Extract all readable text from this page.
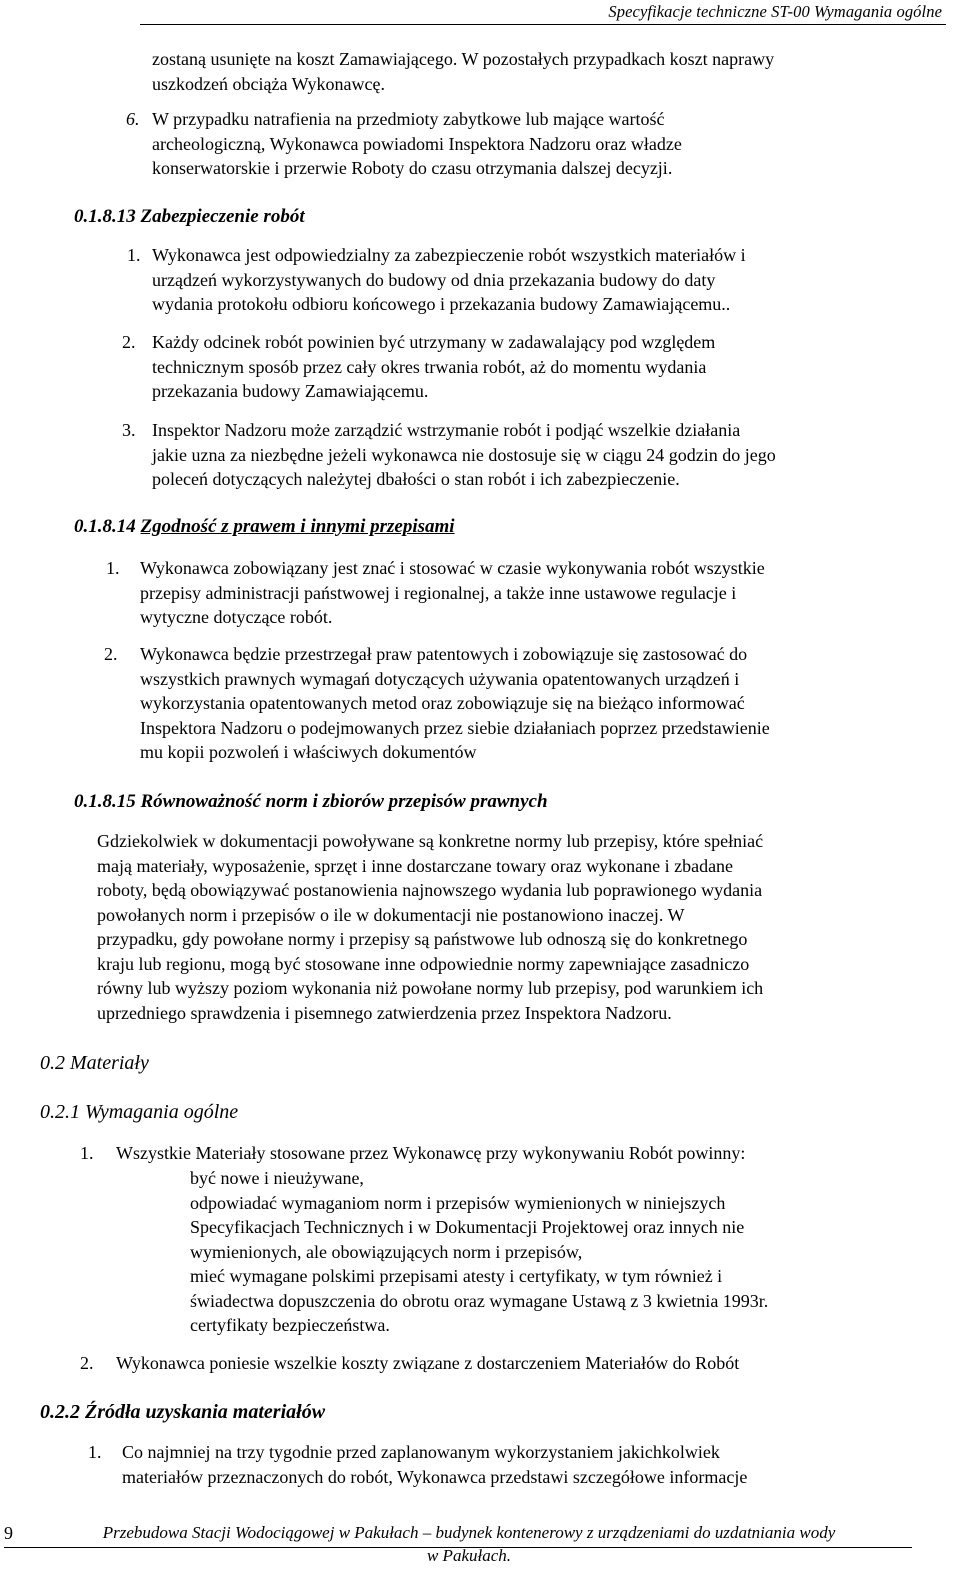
Specyfikacje techniczne ST-00 Wymagania ogólne
zostaną usunięte na koszt Zamawiającego. W pozostałych przypadkach koszt naprawy
uszkodzeń obciąża Wykonawcę.
6. W przypadku natrafienia na przedmioty zabytkowe lub mające wartość
archeologiczną, Wykonawca powiadomi Inspektora Nadzoru oraz władze
konserwatorskie i przerwie Roboty do czasu otrzymania dalszej decyzji.
0.1.8.13 Zabezpieczenie robót
1. Wykonawca jest odpowiedzialny za zabezpieczenie robót wszystkich materiałów i
urządzeń wykorzystywanych do budowy od dnia przekazania budowy do daty
wydania protokołu odbioru końcowego i przekazania budowy Zamawiającemu..
2. Każdy odcinek robót powinien być utrzymany w zadawalający pod względem
technicznym sposób przez cały okres trwania robót, aż do momentu wydania
przekazania budowy Zamawiającemu.
3. Inspektor Nadzoru może zarządzić wstrzymanie robót i podjąć wszelkie działania
jakie uzna za niezbędne jeżeli wykonawca nie dostosuje się w ciągu 24 godzin do jego
poleceń dotyczących należytej dbałości o stan robót i ich zabezpieczenie.
0.1.8.14 Zgodność z prawem i innymi przepisami
1. Wykonawca zobowiązany jest znać i stosować w czasie wykonywania robót wszystkie
przepisy administracji państwowej i regionalnej, a także inne ustawowe regulacje i
wytyczne dotyczące robót.
2. Wykonawca będzie przestrzegał praw patentowych i zobowiązuje się zastosować do
wszystkich prawnych wymagań dotyczących używania opatentowanych urządzeń i
wykorzystania opatentowanych metod oraz zobowiązuje się na bieżąco informować
Inspektora Nadzoru o podejmowanych przez siebie działaniach poprzez przedstawienie
mu kopii pozwoleń i właściwych dokumentów
0.1.8.15 Równoważność norm i zbiorów przepisów prawnych
Gdziekolwiek w dokumentacji powoływane są konkretne normy lub przepisy, które spełniać
mają materiały, wyposażenie, sprzęt i inne dostarczane towary oraz wykonane i zbadane
roboty, będą obowiązywać postanowienia najnowszego wydania lub poprawionego wydania
powołanych norm i przepisów o ile w dokumentacji nie postanowiono inaczej. W
przypadku, gdy powołane normy i przepisy są państwowe lub odnoszą się do konkretnego
kraju lub regionu, mogą być stosowane inne odpowiednie normy zapewniające zasadniczo
równy lub wyższy poziom wykonania niż powołane normy lub przepisy, pod warunkiem ich
uprzedniego sprawdzenia i pisemnego zatwierdzenia przez Inspektora Nadzoru.
0.2 Materiały
0.2.1 Wymagania ogólne
1. Wszystkie Materiały stosowane przez Wykonawcę przy wykonywaniu Robót powinny:
być nowe i nieużywane,
odpowiadać wymaganiom norm i przepisów wymienionych w niniejszych
Specyfikacjach Technicznych i w Dokumentacji Projektowej oraz innych nie
wymienionych, ale obowiązujących norm i przepisów,
mieć wymagane polskimi przepisami atesty i certyfikaty, w tym również i
świadectwa dopuszczenia do obrotu oraz wymagane Ustawą z 3 kwietnia 1993r.
certyfikaty bezpieczeństwa.
2. Wykonawca poniesie wszelkie koszty związane z dostarczeniem Materiałów do Robót
0.2.2 Źródła uzyskania materiałów
1. Co najmniej na trzy tygodnie przed zaplanowanym wykorzystaniem jakichkolwiek
materiałów przeznaczonych do robót, Wykonawca przedstawi szczegółowe informacje
9	Przebudowa Stacji Wodociągowej w Pakułach – budynek kontenerowy z urządzeniami do uzdatniania wody
w Pakułach.
